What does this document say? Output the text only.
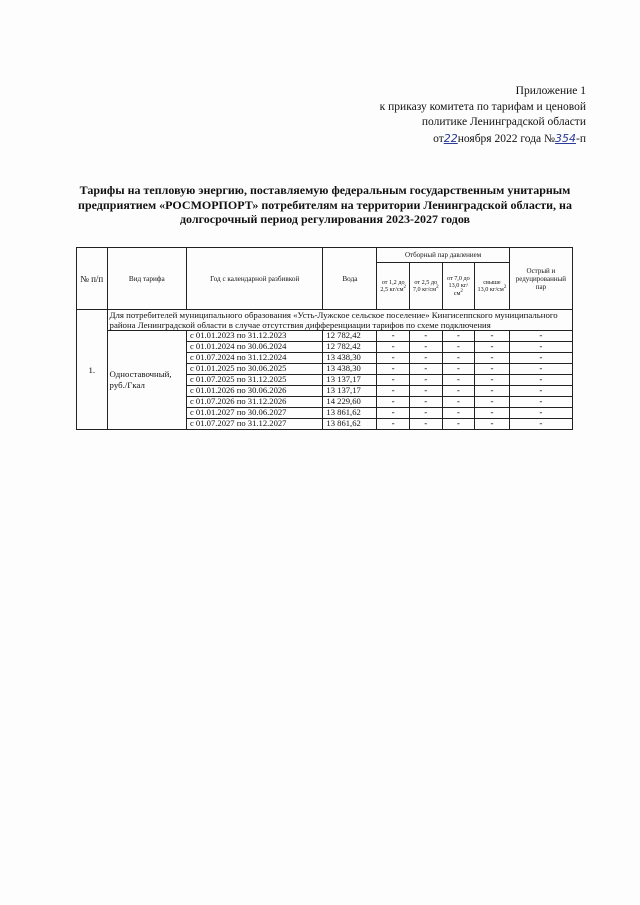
Приложение 1
к приказу комитета по тарифам и ценовой
политике Ленинградской области
от22ноября 2022 года №354-п
Тарифы на тепловую энергию, поставляемую федеральным государственным унитарным
предприятием «РОСМОРПОРТ» потребителям на территории Ленинградской области, на
долгосрочный период регулирования 2023-2027 годов
№ п/п	Вид тарифа	Год с календарной разбивкой	Вода	Отборный пар давлением				Острый и редуцированный пар
				от 1,2 до 2,5 $кг/см^2$	от 2,5 до 7,0 $кг/см^2$	от 7,0 до 13,0 $кг/см^2$	свыше 13,0 $кг/см^2$
1.	Для потребителей муниципального образования «Усть-Лужское сельское поселение» Кингисеппского муниципального района Ленинградской области в случае отсутствия дифференциации тарифов по схеме подключения							
	Одноставочный, руб./Гкал	с 01.01.2023 по 31.12.2023	12 782,42	-	-	-	-	-
		с 01.01.2024 по 30.06.2024	12 782,42	-	-	-	-	-
		с 01.07.2024 по 31.12.2024	13 438,30	-	-	-	-	-
		с 01.01.2025 по 30.06.2025	13 438,30	-	-	-	-	-
		с 01.07.2025 по 31.12.2025	13 137,17	-	-	-	-	-
		с 01.01.2026 по 30.06.2026	13 137,17	-	-	-	-	-
		с 01.07.2026 по 31.12.2026	14 229,60	-	-	-	-	-
		с 01.01.2027 по 30.06.2027	13 861,62	-	-	-	-	-
		с 01.07.2027 по 31.12.2027	13 861,62	-	-	-	-	-
